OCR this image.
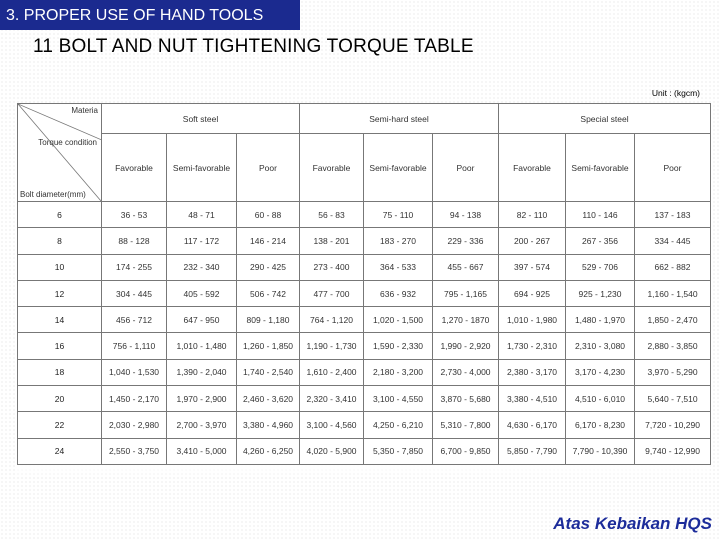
3. PROPER USE OF HAND TOOLS
11 BOLT AND NUT TIGHTENING TORQUE TABLE
Unit : (kgcm)
Materia
Torque condition
Bolt diameter(mm)	Soft steel			Semi-hard steel			Special steel		
	Favorable	Semi-favorable	Poor	Favorable	Semi-favorable	Poor	Favorable	Semi-favorable	Poor
6	36 - 53	48 - 71	60 - 88	56 - 83	75 - 110	94 - 138	82 - 110	110 - 146	137 - 183
8	88 - 128	117 - 172	146 - 214	138 - 201	183 - 270	229 - 336	200 - 267	267 - 356	334 - 445
10	174 - 255	232 - 340	290 - 425	273 - 400	364 - 533	455 - 667	397 - 574	529 - 706	662 - 882
12	304 - 445	405 - 592	506 - 742	477 - 700	636 - 932	795 - 1,165	694 - 925	925 - 1,230	1,160 - 1,540
14	456 - 712	647 - 950	809 - 1,180	764 - 1,120	1,020 - 1,500	1,270 - 1870	1,010 - 1,980	1,480 - 1,970	1,850 - 2,470
16	756 - 1,110	1,010 - 1,480	1,260 - 1,850	1,190 - 1,730	1,590 - 2,330	1,990 - 2,920	1,730 - 2,310	2,310 - 3,080	2,880 - 3,850
18	1,040 - 1,530	1,390 - 2,040	1,740 - 2,540	1,610 - 2,400	2,180 - 3,200	2,730 - 4,000	2,380 - 3,170	3,170 - 4,230	3,970 - 5,290
20	1,450 - 2,170	1,970 - 2,900	2,460 - 3,620	2,320 - 3,410	3,100 - 4,550	3,870 - 5,680	3,380 - 4,510	4,510 - 6,010	5,640 - 7,510
22	2,030 - 2,980	2,700 - 3,970	3,380 - 4,960	3,100 - 4,560	4,250 - 6,210	5,310 - 7,800	4,630 - 6,170	6,170 - 8,230	7,720 - 10,290
24	2,550 - 3,750	3,410 - 5,000	4,260 - 6,250	4,020 - 5,900	5,350 - 7,850	6,700 - 9,850	5,850 - 7,790	7,790 - 10,390	9,740 - 12,990
Atas Kebaikan HQS
